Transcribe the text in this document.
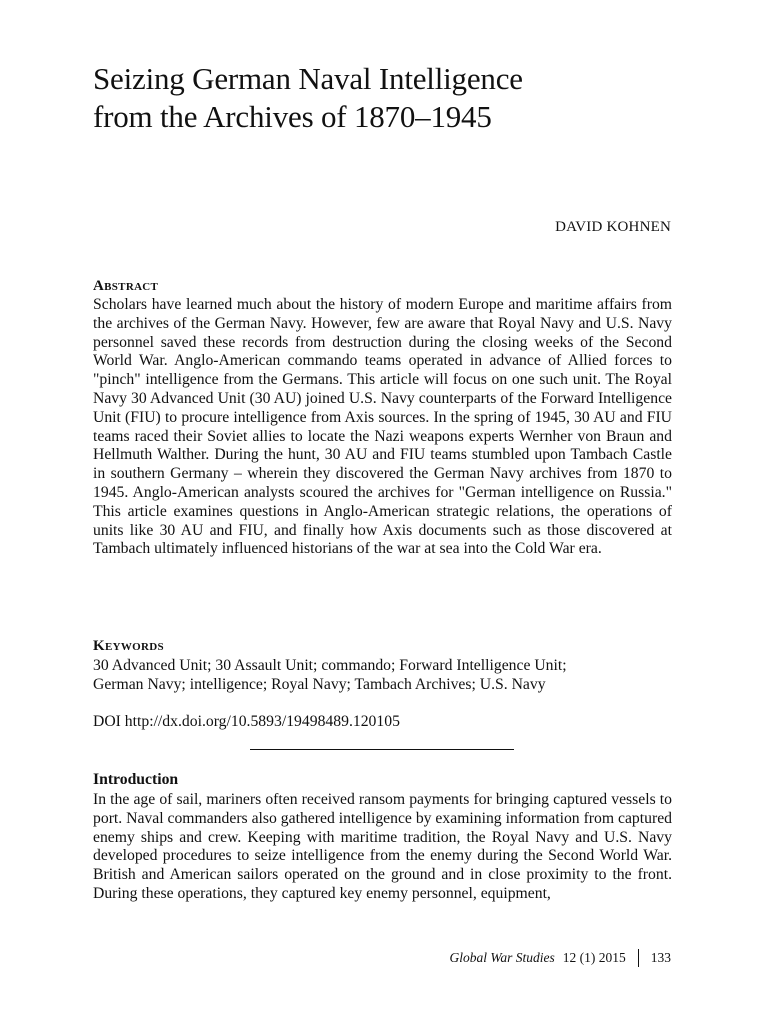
Seizing German Naval Intelligence
from the Archives of 1870–1945
DAVID KOHNEN
Abstract

Scholars have learned much about the history of modern Europe and maritime affairs from the archives of the German Navy. However, few are aware that Royal Navy and U.S. Navy personnel saved these records from destruction during the closing weeks of the Second World War. Anglo-American commando teams operated in advance of Allied forces to "pinch" intelligence from the Germans. This article will focus on one such unit. The Royal Navy 30 Advanced Unit (30 AU) joined U.S. Navy counterparts of the Forward Intelligence Unit (FIU) to procure intelligence from Axis sources. In the spring of 1945, 30 AU and FIU teams raced their Soviet allies to locate the Nazi weapons experts Wernher von Braun and Hellmuth Walther. During the hunt, 30 AU and FIU teams stumbled upon Tambach Castle in southern Germany – wherein they discovered the German Navy archives from 1870 to 1945. Anglo-American analysts scoured the archives for "German intelligence on Russia." This article examines questions in Anglo-American strategic relations, the operations of units like 30 AU and FIU, and finally how Axis documents such as those discovered at Tambach ultimately influenced historians of the war at sea into the Cold War era.

Keywords
30 Advanced Unit; 30 Assault Unit; commando; Forward Intelligence Unit;
German Navy; intelligence; Royal Navy; Tambach Archives; U.S. Navy
DOI http://dx.doi.org/10.5893/19498489.120105
Introduction

In the age of sail, mariners often received ransom payments for bringing captured vessels to port. Naval commanders also gathered intelligence by examining information from captured enemy ships and crew. Keeping with maritime tradition, the Royal Navy and U.S. Navy developed procedures to seize intelligence from the enemy during the Second World War. British and American sailors operated on the ground and in close proximity to the front. During these operations, they captured key enemy personnel, equipment,

Global War Studies 12 (1) 2015 133
